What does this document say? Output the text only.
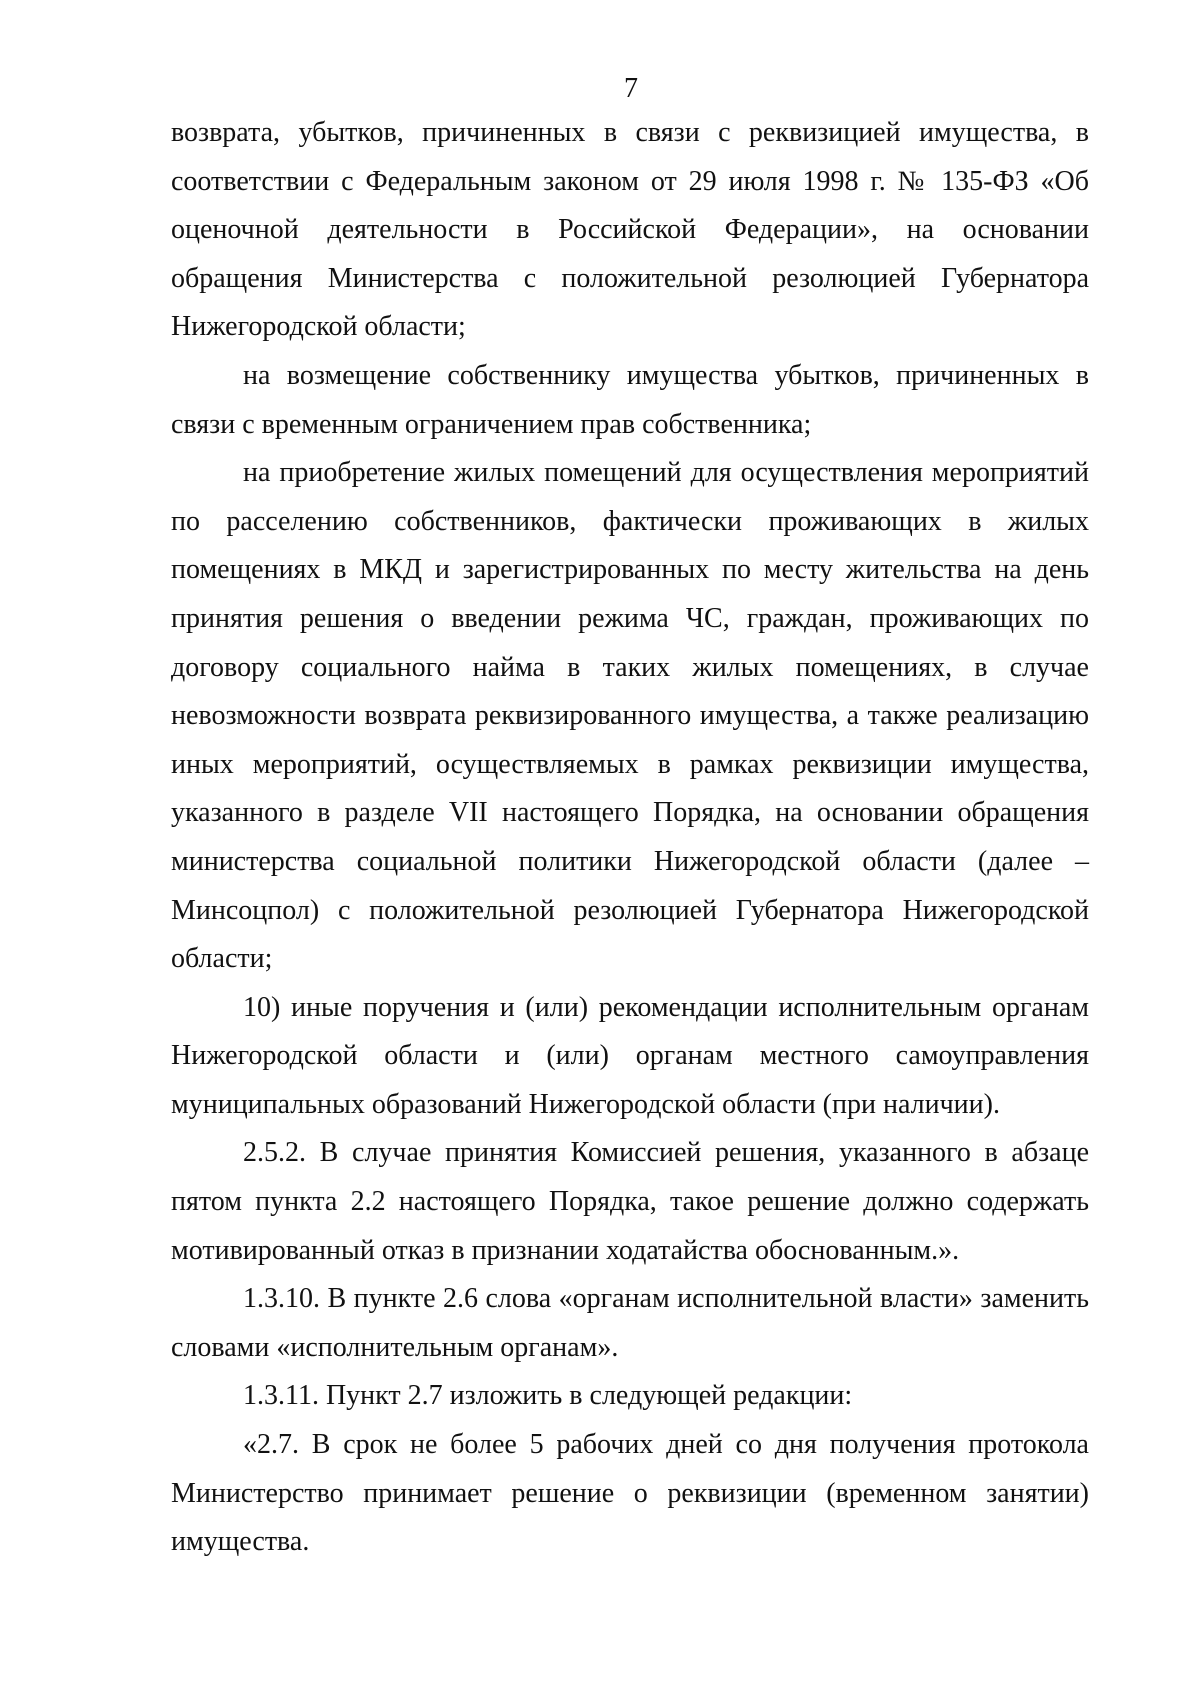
7

возврата, убытков, причиненных в связи с реквизицией имущества, в соответствии с Федеральным законом от 29 июля 1998 г. № 135-ФЗ «Об оценочной деятельности в Российской Федерации», на основании обращения Министерства с положительной резолюцией Губернатора Нижегородской области;

на возмещение собственнику имущества убытков, причиненных в связи с временным ограничением прав собственника;

на приобретение жилых помещений для осуществления мероприятий по расселению собственников, фактически проживающих в жилых помещениях в МКД и зарегистрированных по месту жительства на день принятия решения о введении режима ЧС, граждан, проживающих по договору социального найма в таких жилых помещениях, в случае невозможности возврата реквизированного имущества, а также реализацию иных мероприятий, осуществляемых в рамках реквизиции имущества, указанного в разделе VII настоящего Порядка, на основании обращения министерства социальной политики Нижегородской области (далее – Минсоцпол) с положительной резолюцией Губернатора Нижегородской области;

10) иные поручения и (или) рекомендации исполнительным органам Нижегородской области и (или) органам местного самоуправления муниципальных образований Нижегородской области (при наличии).

2.5.2. В случае принятия Комиссией решения, указанного в абзаце пятом пункта 2.2 настоящего Порядка, такое решение должно содержать мотивированный отказ в признании ходатайства обоснованным.».

1.3.10. В пункте 2.6 слова «органам исполнительной власти» заменить словами «исполнительным органам».

1.3.11. Пункт 2.7 изложить в следующей редакции:

«2.7. В срок не более 5 рабочих дней со дня получения протокола Министерство принимает решение о реквизиции (временном занятии) имущества.
